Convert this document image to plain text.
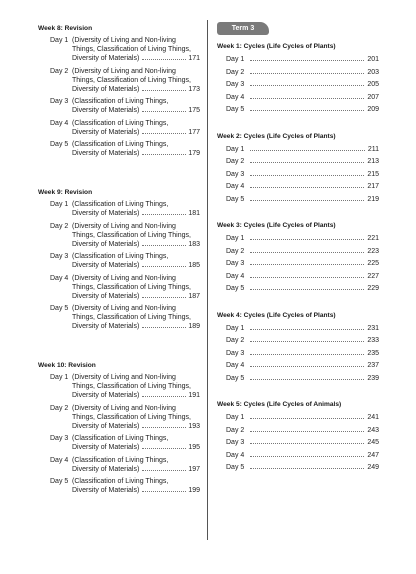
Week 8: Revision
Day 1 (Diversity of Living and Non-living
Things, Classification of Living Things,
Diversity of Materials)	171
Day 2 (Diversity of Living and Non-living
Things, Classification of Living Things,
Diversity of Materials)	173
Day 3 (Classification of Living Things,
Diversity of Materials)	175
Day 4 (Classification of Living Things,
Diversity of Materials)	177
Day 5 (Classification of Living Things,
Diversity of Materials)	179
Week 9: Revision
Day 1 (Classification of Living Things,
Diversity of Materials)	181
Day 2 (Diversity of Living and Non-living
Things, Classification of Living Things,
Diversity of Materials)	183
Day 3 (Classification of Living Things,
Diversity of Materials)	185
Day 4 (Diversity of Living and Non-living
Things, Classification of Living Things,
Diversity of Materials)	187
Day 5 (Diversity of Living and Non-living
Things, Classification of Living Things,
Diversity of Materials)	189
Week 10: Revision
Day 1 (Diversity of Living and Non-living
Things, Classification of Living Things,
Diversity of Materials)	191
Day 2 (Diversity of Living and Non-living
Things, Classification of Living Things,
Diversity of Materials)	193
Day 3 (Classification of Living Things,
Diversity of Materials)	195
Day 4 (Classification of Living Things,
Diversity of Materials)	197
Day 5 (Classification of Living Things,
Diversity of Materials)	199
Term 3
Week 1: Cycles (Life Cycles of Plants)
Day 1	201
Day 2	203
Day 3	205
Day 4	207
Day 5	209
Week 2: Cycles (Life Cycles of Plants)
Day 1	211
Day 2	213
Day 3	215
Day 4	217
Day 5	219
Week 3: Cycles (Life Cycles of Plants)
Day 1	221
Day 2	223
Day 3	225
Day 4	227
Day 5	229
Week 4: Cycles (Life Cycles of Plants)
Day 1	231
Day 2	233
Day 3	235
Day 4	237
Day 5	239
Week 5: Cycles (Life Cycles of Animals)
Day 1	241
Day 2	243
Day 3	245
Day 4	247
Day 5	249
